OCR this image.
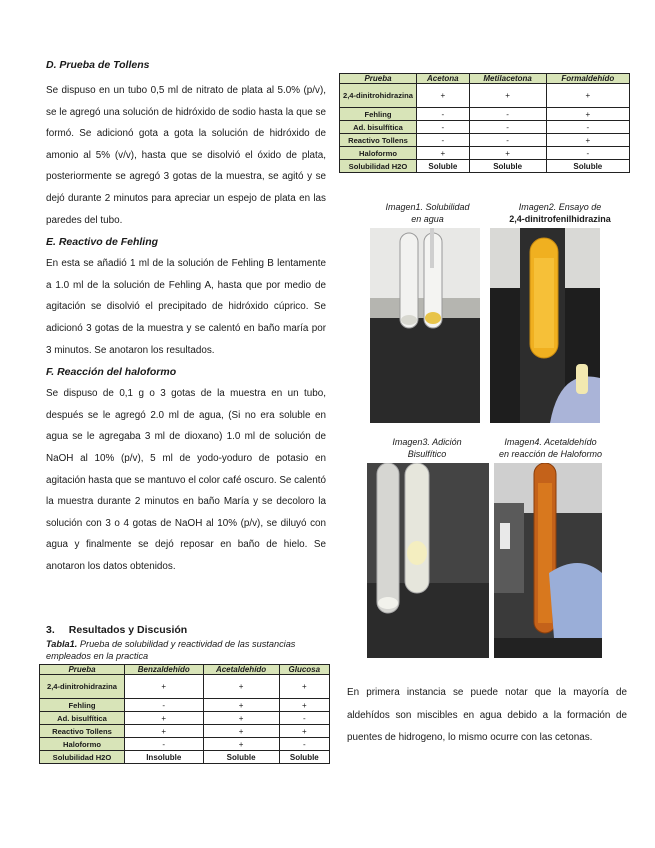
D. Prueba de Tollens

Se dispuso en un tubo 0,5 ml de nitrato de plata al 5.0% (p/v), se le agregó una solución de hidróxido de sodio hasta la que se formó. Se adicionó gota a gota la solución de hidróxido de amonio al 5% (v/v), hasta que se disolvió el óxido de plata, posteriormente se agregó 3 gotas de la muestra, se agitó y se dejó durante 2 minutos para apreciar un espejo de plata en las paredes del tubo.

E. Reactivo de Fehling

En esta se añadió 1 ml de la solución de Fehling B lentamente a 1.0 ml de la solución de Fehling A, hasta que por medio de agitación se disolvió el precipitado de hidróxido cúprico. Se adicionó 3 gotas de la muestra y se calentó en baño maría por 3 minutos. Se anotaron los resultados.

F. Reacción del haloformo

Se dispuso de 0,1 g o 3 gotas de la muestra en un tubo, después se le agregó 2.0 ml de agua, (Si no era soluble en agua se le agregaba 3 ml de dioxano) 1.0 ml de solución de NaOH al 10% (p/v), 5 ml de yodo-yoduro de potasio en agitación hasta que se mantuvo el color café oscuro. Se calentó la muestra durante 2 minutos en baño María y se decoloro la solución con 3 o 4 gotas de NaOH al 10% (p/v), se diluyó con agua y finalmente se dejó reposar en baño de hielo. Se anotaron los datos obtenidos.

3. Resultados y Discusión
Tabla1. Prueba de solubilidad y reactividad de las sustancias empleados en la practica
Prueba	Acetona	Metilacetona	Formaldehído
2,4-dinitrohidrazina	+	+	+
Fehling	-	-	+
Ad. bisulfítica	-	-	-
Reactivo Tollens	-	-	+
Haloformo	+	+	-
Solubilidad H2O	Soluble	Soluble	Soluble
Prueba	Benzaldehído	Acetaldehído	Glucosa
2,4-dinitrohidrazina	+	+	+
Fehling	-	+	+
Ad. bisulfítica	+	+	-
Reactivo Tollens	+	+	+
Haloformo	-	+	-
Solubilidad H2O	Insoluble	Soluble	Soluble
Imagen1. Solubilidad
en agua
Imagen2. Ensayo de
2,4-dinitrofenilhidrazina
Imagen3. Adición
Bisulfítico
Imagen4. Acetaldehído
en reacción de Haloformo

En primera instancia se puede notar que la mayoría de aldehídos son miscibles en agua debido a la formación de puentes de hidrogeno, lo mismo ocurre con las cetonas.
